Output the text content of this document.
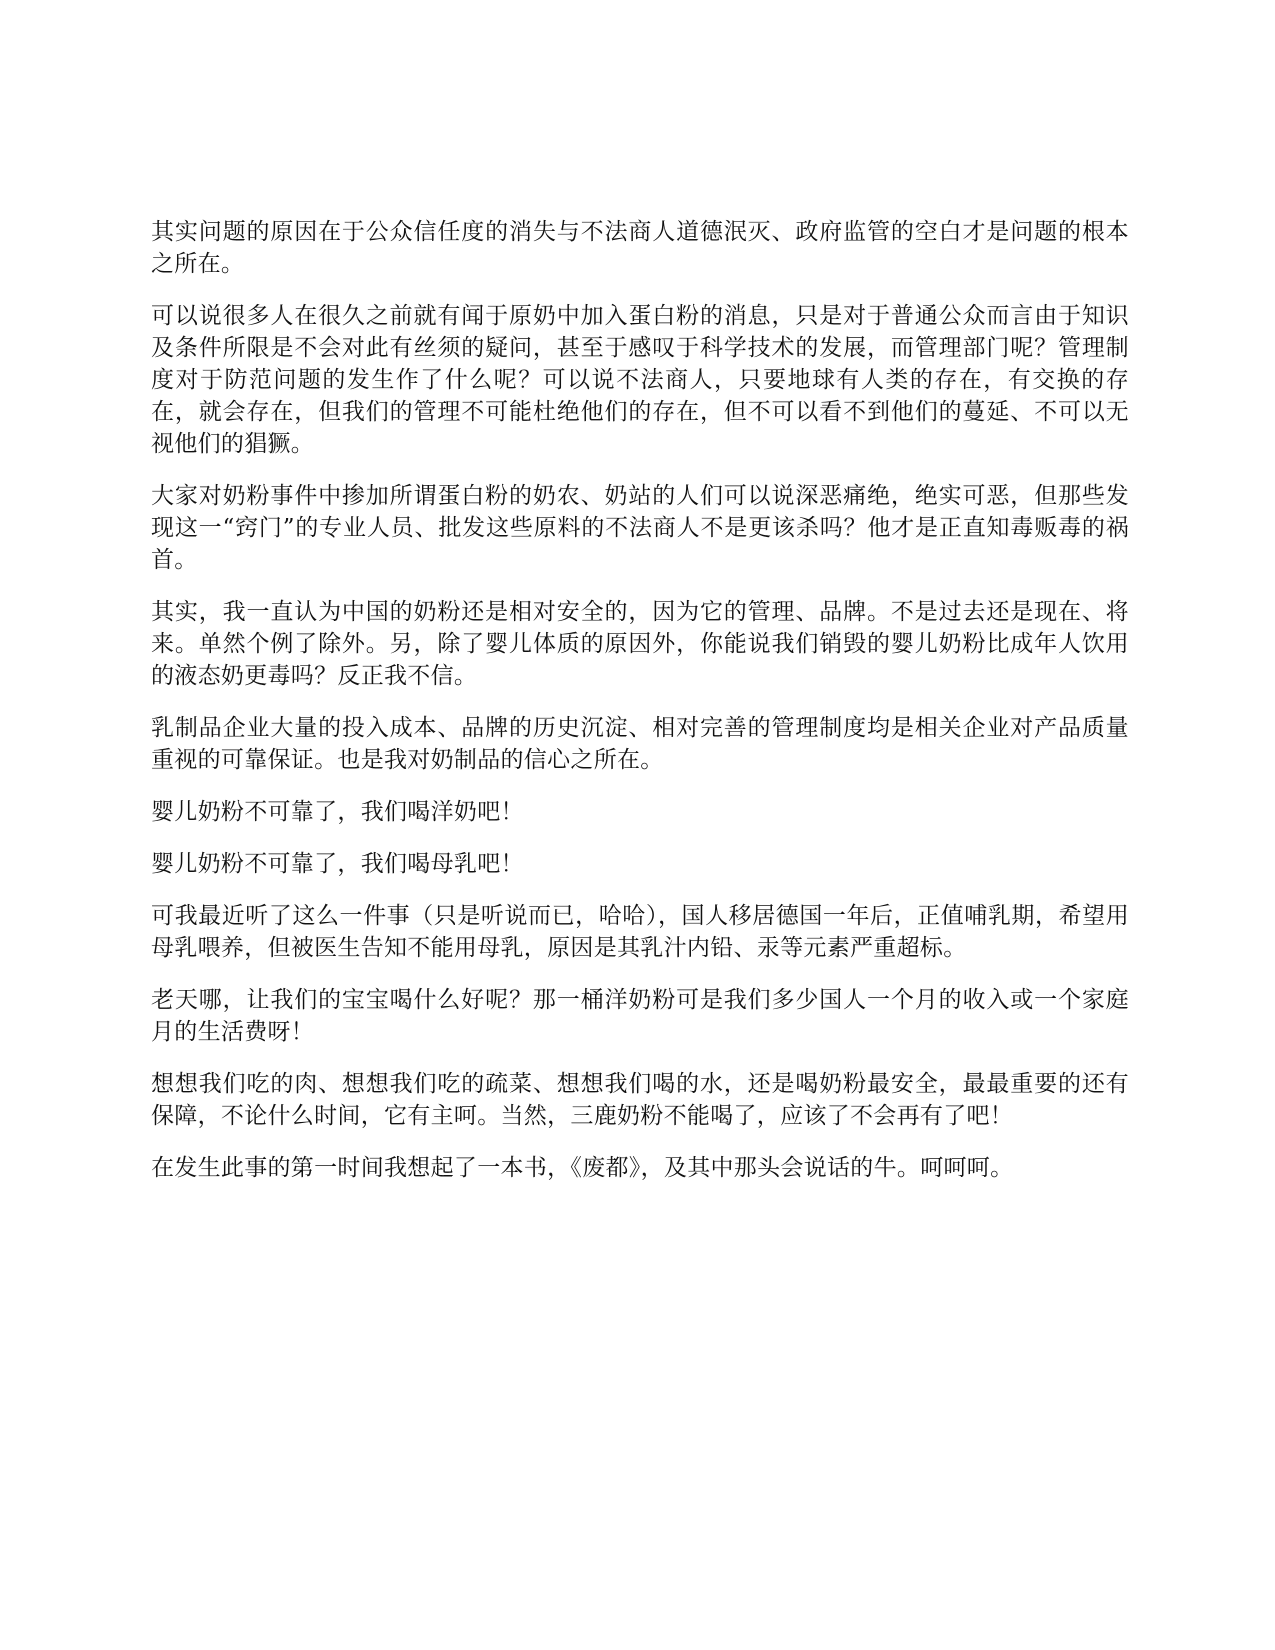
其实问题的原因在于公众信任度的消失与不法商人道德泯灭、政府监管的空白才是问题的根本之所在。

可以说很多人在很久之前就有闻于原奶中加入蛋白粉的消息，只是对于普通公众而言由于知识及条件所限是不会对此有丝须的疑问，甚至于感叹于科学技术的发展，而管理部门呢？管理制度对于防范问题的发生作了什么呢？可以说不法商人，只要地球有人类的存在，有交换的存在，就会存在，但我们的管理不可能杜绝他们的存在，但不可以看不到他们的蔓延、不可以无视他们的猖獗。

大家对奶粉事件中掺加所谓蛋白粉的奶农、奶站的人们可以说深恶痛绝，绝实可恶，但那些发现这一“窍门”的专业人员、批发这些原料的不法商人不是更该杀吗？他才是正直知毒贩毒的祸首。

其实，我一直认为中国的奶粉还是相对安全的，因为它的管理、品牌。不是过去还是现在、将来。单然个例了除外。另，除了婴儿体质的原因外，你能说我们销毁的婴儿奶粉比成年人饮用的液态奶更毒吗？反正我不信。

乳制品企业大量的投入成本、品牌的历史沉淀、相对完善的管理制度均是相关企业对产品质量重视的可靠保证。也是我对奶制品的信心之所在。

婴儿奶粉不可靠了，我们喝洋奶吧！

婴儿奶粉不可靠了，我们喝母乳吧！

可我最近听了这么一件事（只是听说而已，哈哈），国人移居德国一年后，正值哺乳期，希望用母乳喂养，但被医生告知不能用母乳，原因是其乳汁内铅、汞等元素严重超标。

老天哪，让我们的宝宝喝什么好呢？那一桶洋奶粉可是我们多少国人一个月的收入或一个家庭月的生活费呀！

想想我们吃的肉、想想我们吃的疏菜、想想我们喝的水，还是喝奶粉最安全，最最重要的还有保障，不论什么时间，它有主呵。当然，三鹿奶粉不能喝了，应该了不会再有了吧！

在发生此事的第一时间我想起了一本书，《废都》，及其中那头会说话的牛。呵呵呵。
